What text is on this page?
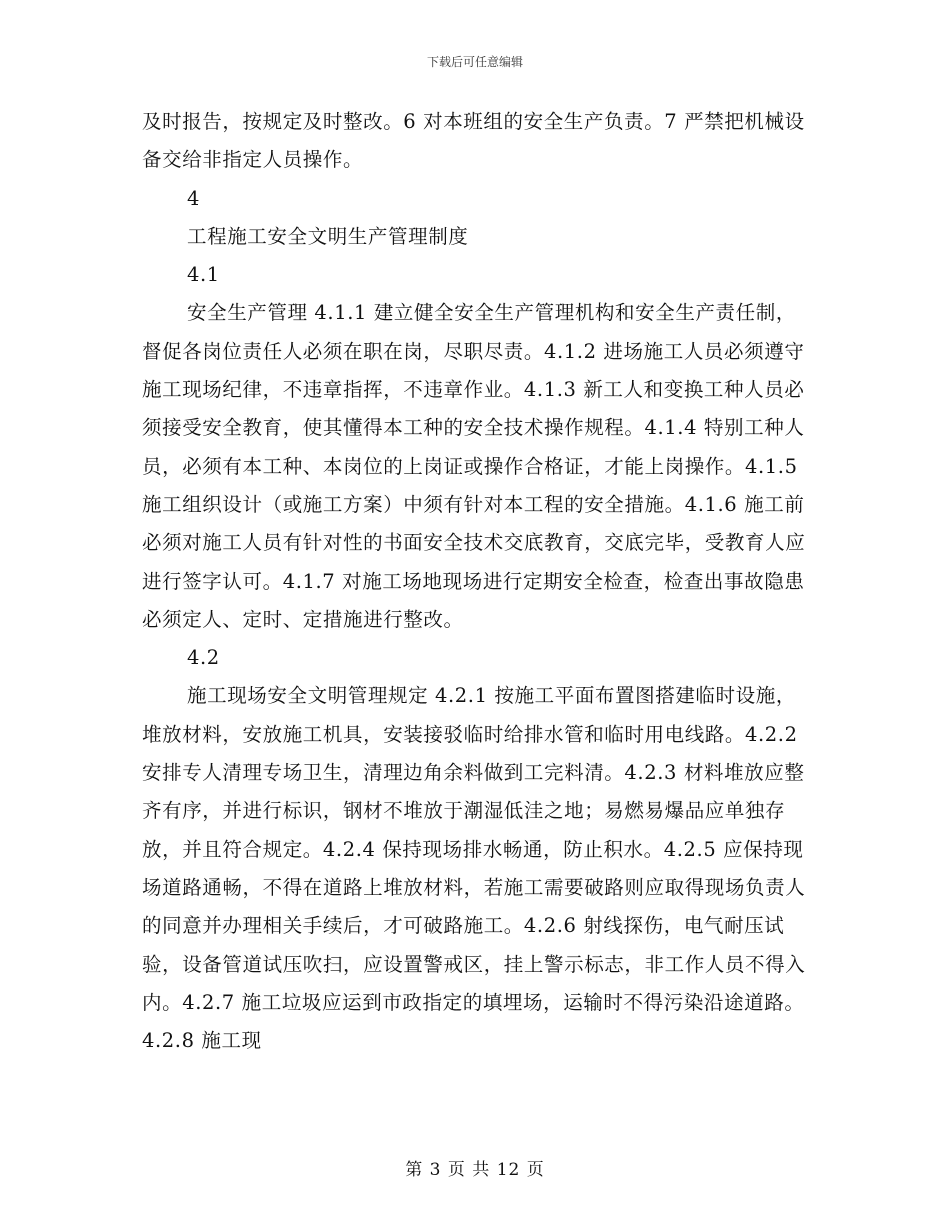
下载后可任意编辑

及时报告，按规定及时整改。6 对本班组的安全生产负责。7 严禁把机械设备交给非指定人员操作。

4

工程施工安全文明生产管理制度

4.1

安全生产管理 4.1.1 建立健全安全生产管理机构和安全生产责任制，督促各岗位责任人必须在职在岗，尽职尽责。4.1.2 进场施工人员必须遵守施工现场纪律，不违章指挥，不违章作业。4.1.3 新工人和变换工种人员必须接受安全教育，使其懂得本工种的安全技术操作规程。4.1.4 特别工种人员，必须有本工种、本岗位的上岗证或操作合格证，才能上岗操作。4.1.5 施工组织设计（或施工方案）中须有针对本工程的安全措施。4.1.6 施工前必须对施工人员有针对性的书面安全技术交底教育，交底完毕，受教育人应进行签字认可。4.1.7 对施工场地现场进行定期安全检查，检查出事故隐患必须定人、定时、定措施进行整改。

4.2

施工现场安全文明管理规定 4.2.1 按施工平面布置图搭建临时设施，堆放材料，安放施工机具，安装接驳临时给排水管和临时用电线路。4.2.2 安排专人清理专场卫生，清理边角余料做到工完料清。4.2.3 材料堆放应整齐有序，并进行标识，钢材不堆放于潮湿低洼之地；易燃易爆品应单独存放，并且符合规定。4.2.4 保持现场排水畅通，防止积水。4.2.5 应保持现场道路通畅，不得在道路上堆放材料，若施工需要破路则应取得现场负责人的同意并办理相关手续后，才可破路施工。4.2.6 射线探伤，电气耐压试验，设备管道试压吹扫，应设置警戒区，挂上警示标志，非工作人员不得入内。4.2.7 施工垃圾应运到市政指定的填埋场，运输时不得污染沿途道路。4.2.8 施工现

第 3 页 共 12 页
